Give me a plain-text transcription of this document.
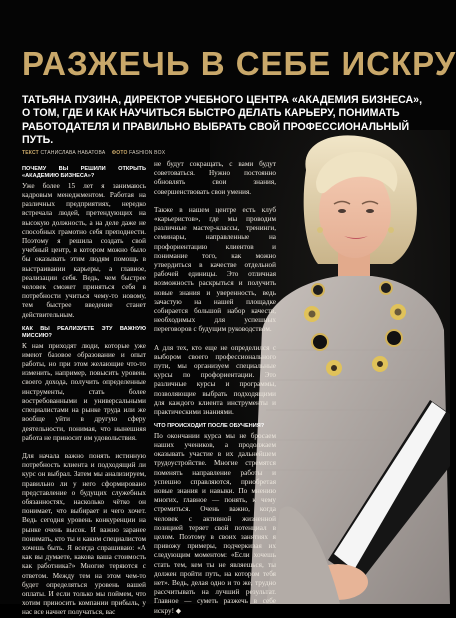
РАЗЖЕЧЬ В СЕБЕ ИСКРУ
ТАТЬЯНА ПУЗИНА, ДИРЕКТОР УЧЕБНОГО ЦЕНТРА «АКАДЕМИЯ БИЗНЕСА», О ТОМ, ГДЕ И КАК НАУЧИТЬСЯ БЫСТРО ДЕЛАТЬ КАРЬЕРУ, ПОНИМАТЬ РАБОТОДАТЕЛЯ И ПРАВИЛЬНО ВЫБРАТЬ СВОЙ ПРОФЕССИОНАЛЬНЫЙ ПУТЬ.
ТЕКСТ СТАНИСЛАВА НАБАТОВА ФОТО FASHION BOX
ПОЧЕМУ ВЫ РЕШИЛИ ОТКРЫТЬ «АКАДЕМИЮ БИЗНЕСА»?

Уже более 15 лет я занимаюсь кадровым менеджментом. Работая на различных предприятиях, нередко встречала людей, претендующих на высокую должность, а на деле даже не способных грамотно себя преподнести. Поэтому я решила создать свой учебный центр, в котором можно было бы оказывать этим людям помощь в выстраивании карьеры, а главное, реализации себя. Ведь, чем быстрее человек сможет приняться себя в потребности учиться чему-то новому, тем быстрее введение станет действительным.

КАК ВЫ РЕАЛИЗУЕТЕ ЭТУ ВАЖНУЮ МИССИЮ?

К нам приходят люди, которые уже имеют базовое образование и опыт работы, но при этом желающие что-то изменить, например, повысить уровень своего дохода, получить определенные инструменты, стать более востребованными и универсальными специалистами на рынке труда или же вообще уйти в другую сферу деятельности, понимая, что нынешняя работа не приносит им удовольствия.

Для начала важно понять истинную потребность клиента и подходящий ли курс он выбрал. Затем мы анализируем, правильно ли у него сформировано представление о будущих служебных обязанностях, насколько чётко он понимает, что выбирает и чего хочет. Ведь сегодня уровень конкуренции на рынке очень высок. И важно заранее понимать, кто ты и каким специалистом хочешь быть. Я всегда спрашиваю: «А как вы думаете, какова ваша стоимость как работника?» Многие теряются с ответом. Между тем на этом чем-то будет определяться уровень вашей оплаты. И если только мы поймем, что хотим приносить компании прибыль, у нас все начнет получаться, вас

не будут сокращать, с вами будут советоваться. Нужно постоянно обновлять свои знания, совершенствовать свои умения.

Также в нашем центре есть клуб «карьеристов», где мы проводим различные мастер-классы, тренинги, семинары, направленные на профориентацию клиентов и понимание того, как можно утвердиться в качестве отдельной рабочей единицы. Это отличная возможность раскрыться и получить новые знания и уверенность, ведь зачастую на нашей площадке собирается большой набор качеств, необходимых для успешных переговоров с будущим руководством.

А для тех, кто еще не определился с выбором своего профессионального пути, мы организуем специальные курсы по профориентации. Это различные курсы и программы, позволяющие выбрать подходящими для каждого клиента инструменты и практическими знаниями.

ЧТО ПРОИСХОДИТ ПОСЛЕ ОБУЧЕНИЯ?

По окончании курса мы не бросаем наших учеников, а продолжаем оказывать участие в их дальнейшем трудоустройстве. Многие стремятся поменять направление работы и успешно справляются, приобретая новые знания и навыки. По мнению многих, главное — понять, к чему стремиться. Очень важно, когда человек с активной жизненной позицией теряет свой потенциал в целом. Поэтому в своих занятиях я привожу примеры, подчеркивая их следующим моментом: «Если хочешь стать тем, кем ты не являешься, ты должен пройти путь, на котором тебя нет». Ведь, делая одно и то же, трудно рассчитывать на лучший результат. Главное — суметь разжечь в себе искру! ◆
